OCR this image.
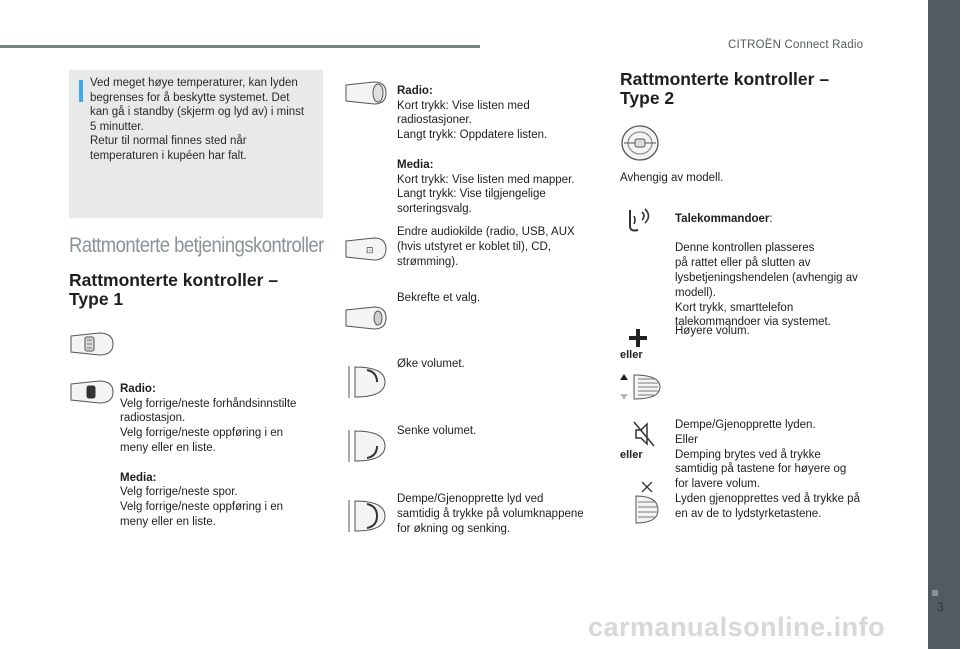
CITROËN Connect Radio
3
Ved meget høye temperaturer, kan lyden
begrenses for å beskytte systemet. Det
kan gå i standby (skjerm og lyd av) i minst
5 minutter.
Retur til normal finnes sted når
temperaturen i kupéen har falt.
Rattmonterte betjeningskontroller
Rattmonterte kontroller –
Type 1

Radio:

Velg forrige/neste forhåndsinnstilte
radiostasjon.
Velg forrige/neste oppføring i en
meny eller en liste.

Media:

Velg forrige/neste spor.
Velg forrige/neste oppføring i en
meny eller en liste.

Radio:

Kort trykk: Vise listen med
radiostasjoner.
Langt trykk: Oppdatere listen.

Media:

Kort trykk: Vise listen med mapper.
Langt trykk: Vise tilgjengelige
sorteringsvalg.

⊡
Endre audiokilde (radio, USB, AUX
(hvis utstyret er koblet til), CD,
strømming).
Bekrefte et valg.
Øke volumet.
Senke volumet.
Dempe/Gjenopprette lyd ved
samtidig å trykke på volumknappene
for økning og senking.
Rattmonterte kontroller –
Type 2
Avhengig av modell.

Talekommandoer:

Denne kontrollen plasseres
på rattet eller på slutten av
lysbetjeningshendelen (avhengig av
modell).
Kort trykk, smarttelefon
talekommandoer via systemet.

eller
Høyere volum.
eller
Dempe/Gjenopprette lyden.
Eller
Demping brytes ved å trykke
samtidig på tastene for høyere og
for lavere volum.
Lyden gjenopprettes ved å trykke på
en av de to lydstyrketastene.
carmanualsonline.info
